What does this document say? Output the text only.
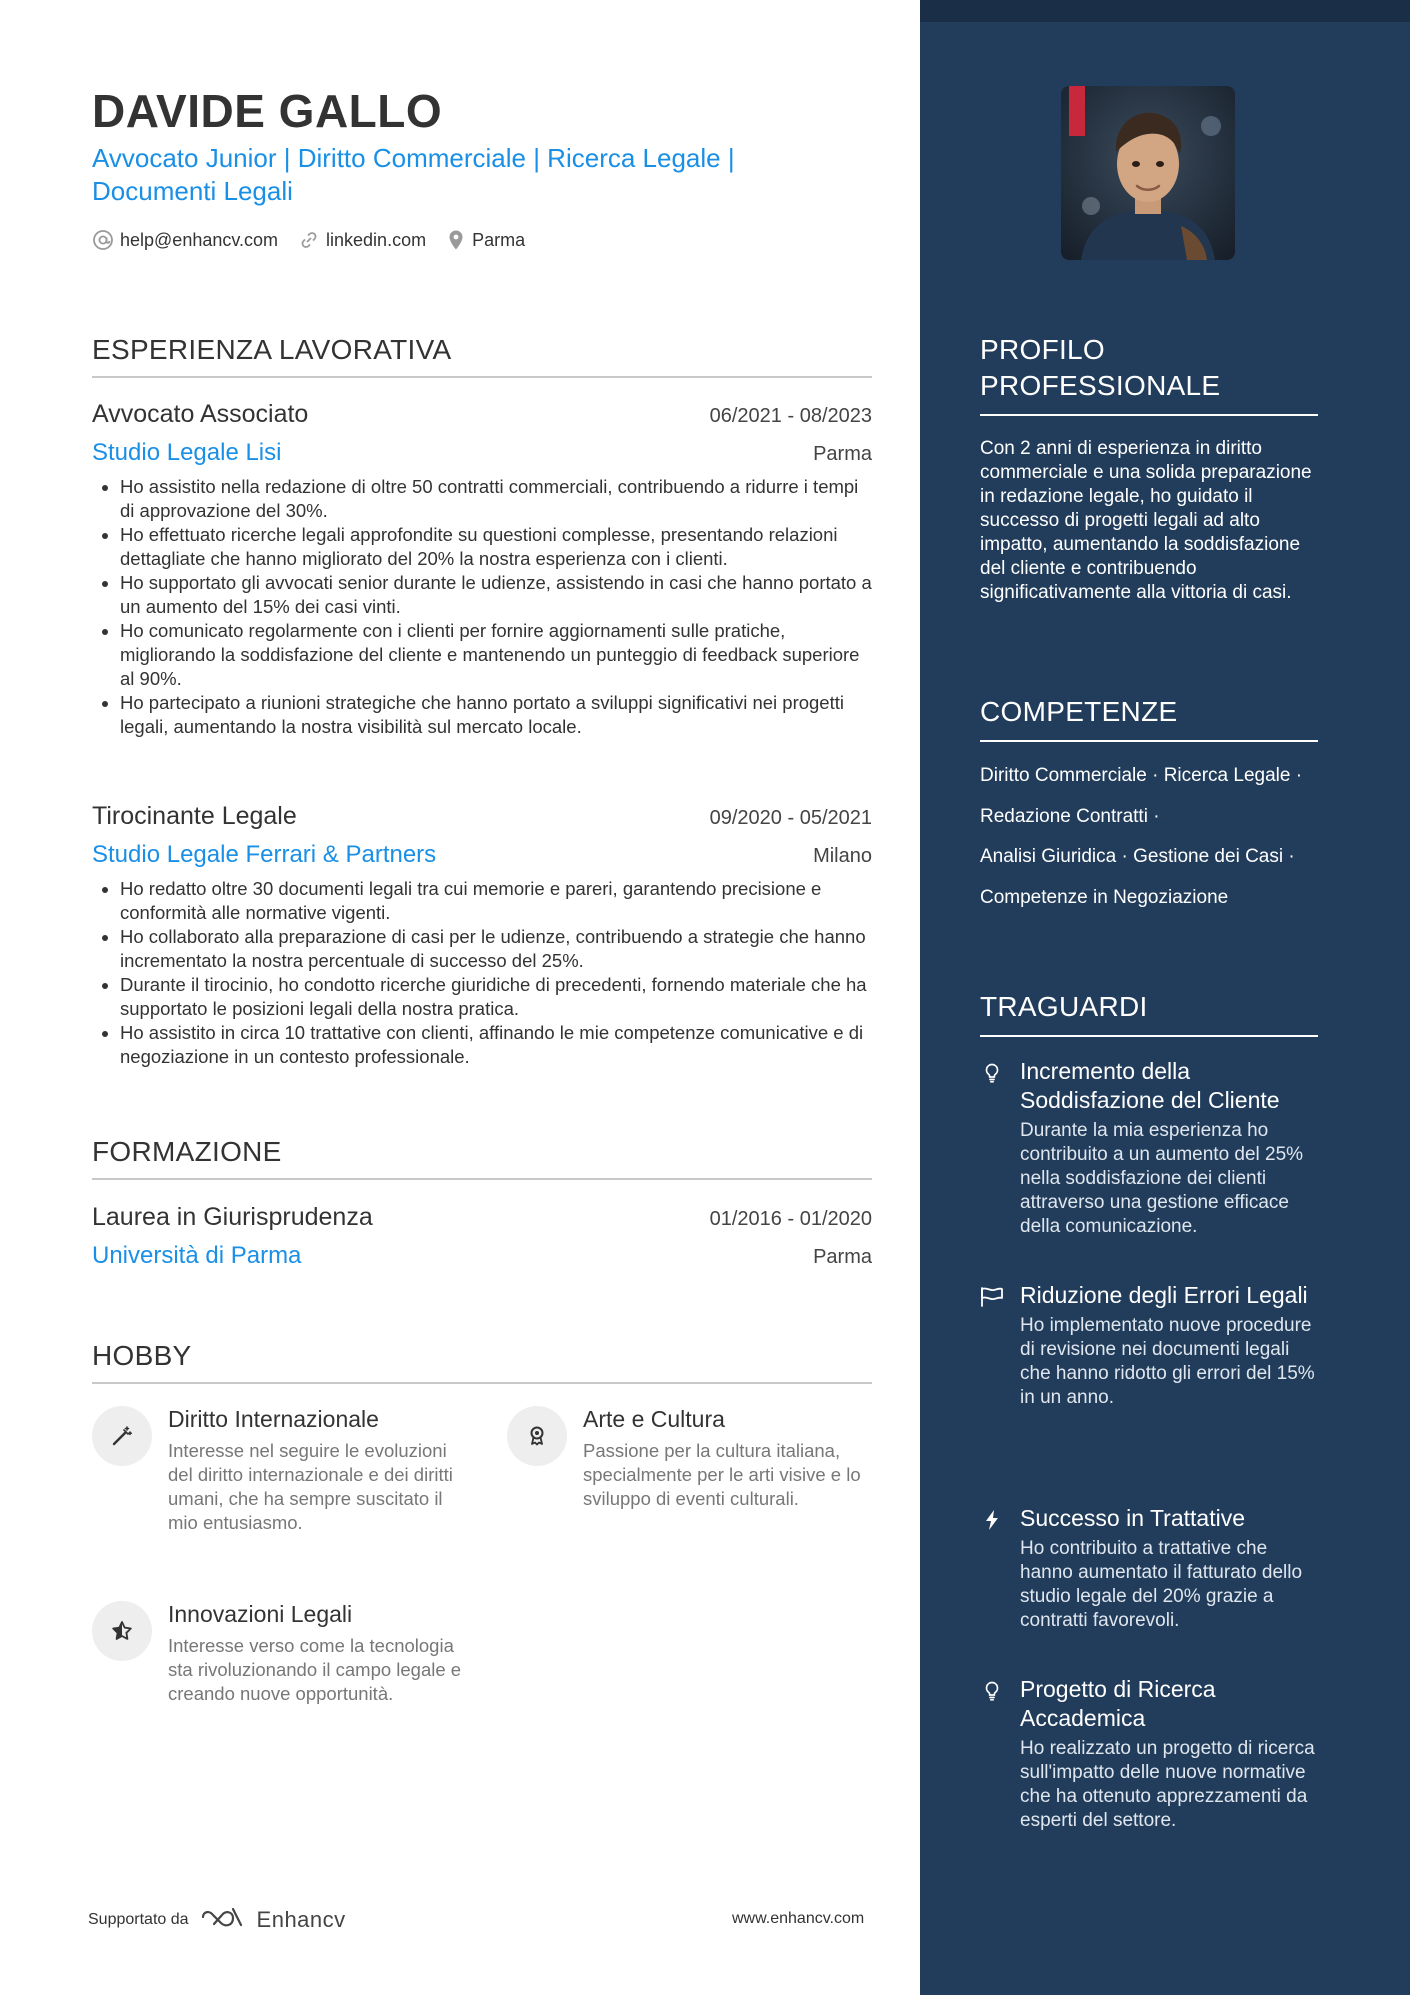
DAVIDE GALLO
Avvocato Junior | Diritto Commerciale | Ricerca Legale | Documenti Legali
help@enhancv.com	linkedin.com	Parma
ESPERIENZA LAVORATIVA
Avvocato Associato	06/2021 - 08/2023
Studio Legale Lisi	Parma
• Ho assistito nella redazione di oltre 50 contratti commerciali, contribuendo a ridurre i tempi di approvazione del 30%.
• Ho effettuato ricerche legali approfondite su questioni complesse, presentando relazioni dettagliate che hanno migliorato del 20% la nostra esperienza con i clienti.
• Ho supportato gli avvocati senior durante le udienze, assistendo in casi che hanno portato a un aumento del 15% dei casi vinti.
• Ho comunicato regolarmente con i clienti per fornire aggiornamenti sulle pratiche, migliorando la soddisfazione del cliente e mantenendo un punteggio di feedback superiore al 90%.
• Ho partecipato a riunioni strategiche che hanno portato a sviluppi significativi nei progetti legali, aumentando la nostra visibilità sul mercato locale.
Tirocinante Legale	09/2020 - 05/2021
Studio Legale Ferrari & Partners	Milano
• Ho redatto oltre 30 documenti legali tra cui memorie e pareri, garantendo precisione e conformità alle normative vigenti.
• Ho collaborato alla preparazione di casi per le udienze, contribuendo a strategie che hanno incrementato la nostra percentuale di successo del 25%.
• Durante il tirocinio, ho condotto ricerche giuridiche di precedenti, fornendo materiale che ha supportato le posizioni legali della nostra pratica.
• Ho assistito in circa 10 trattative con clienti, affinando le mie competenze comunicative e di negoziazione in un contesto professionale.
FORMAZIONE
Laurea in Giurisprudenza	01/2016 - 01/2020
Università di Parma	Parma
HOBBY
Diritto Internazionale
Interesse nel seguire le evoluzioni del diritto internazionale e dei diritti umani, che ha sempre suscitato il mio entusiasmo.
Arte e Cultura
Passione per la cultura italiana, specialmente per le arti visive e lo sviluppo di eventi culturali.
Innovazioni Legali
Interesse verso come la tecnologia sta rivoluzionando il campo legale e creando nuove opportunità.
Supportato da	Enhancv	www.enhancv.com
PROFILO PROFESSIONALE
Con 2 anni di esperienza in diritto commerciale e una solida preparazione in redazione legale, ho guidato il successo di progetti legali ad alto impatto, aumentando la soddisfazione del cliente e contribuendo significativamente alla vittoria di casi.
COMPETENZE
Diritto Commerciale · Ricerca Legale ·
Redazione Contratti ·
Analisi Giuridica · Gestione dei Casi ·
Competenze in Negoziazione
TRAGUARDI
Incremento della Soddisfazione del Cliente
Durante la mia esperienza ho contribuito a un aumento del 25% nella soddisfazione dei clienti attraverso una gestione efficace della comunicazione.
Riduzione degli Errori Legali
Ho implementato nuove procedure di revisione nei documenti legali che hanno ridotto gli errori del 15% in un anno.
Successo in Trattative
Ho contribuito a trattative che hanno aumentato il fatturato dello studio legale del 20% grazie a contratti favorevoli.
Progetto di Ricerca Accademica
Ho realizzato un progetto di ricerca sull'impatto delle nuove normative che ha ottenuto apprezzamenti da esperti del settore.
